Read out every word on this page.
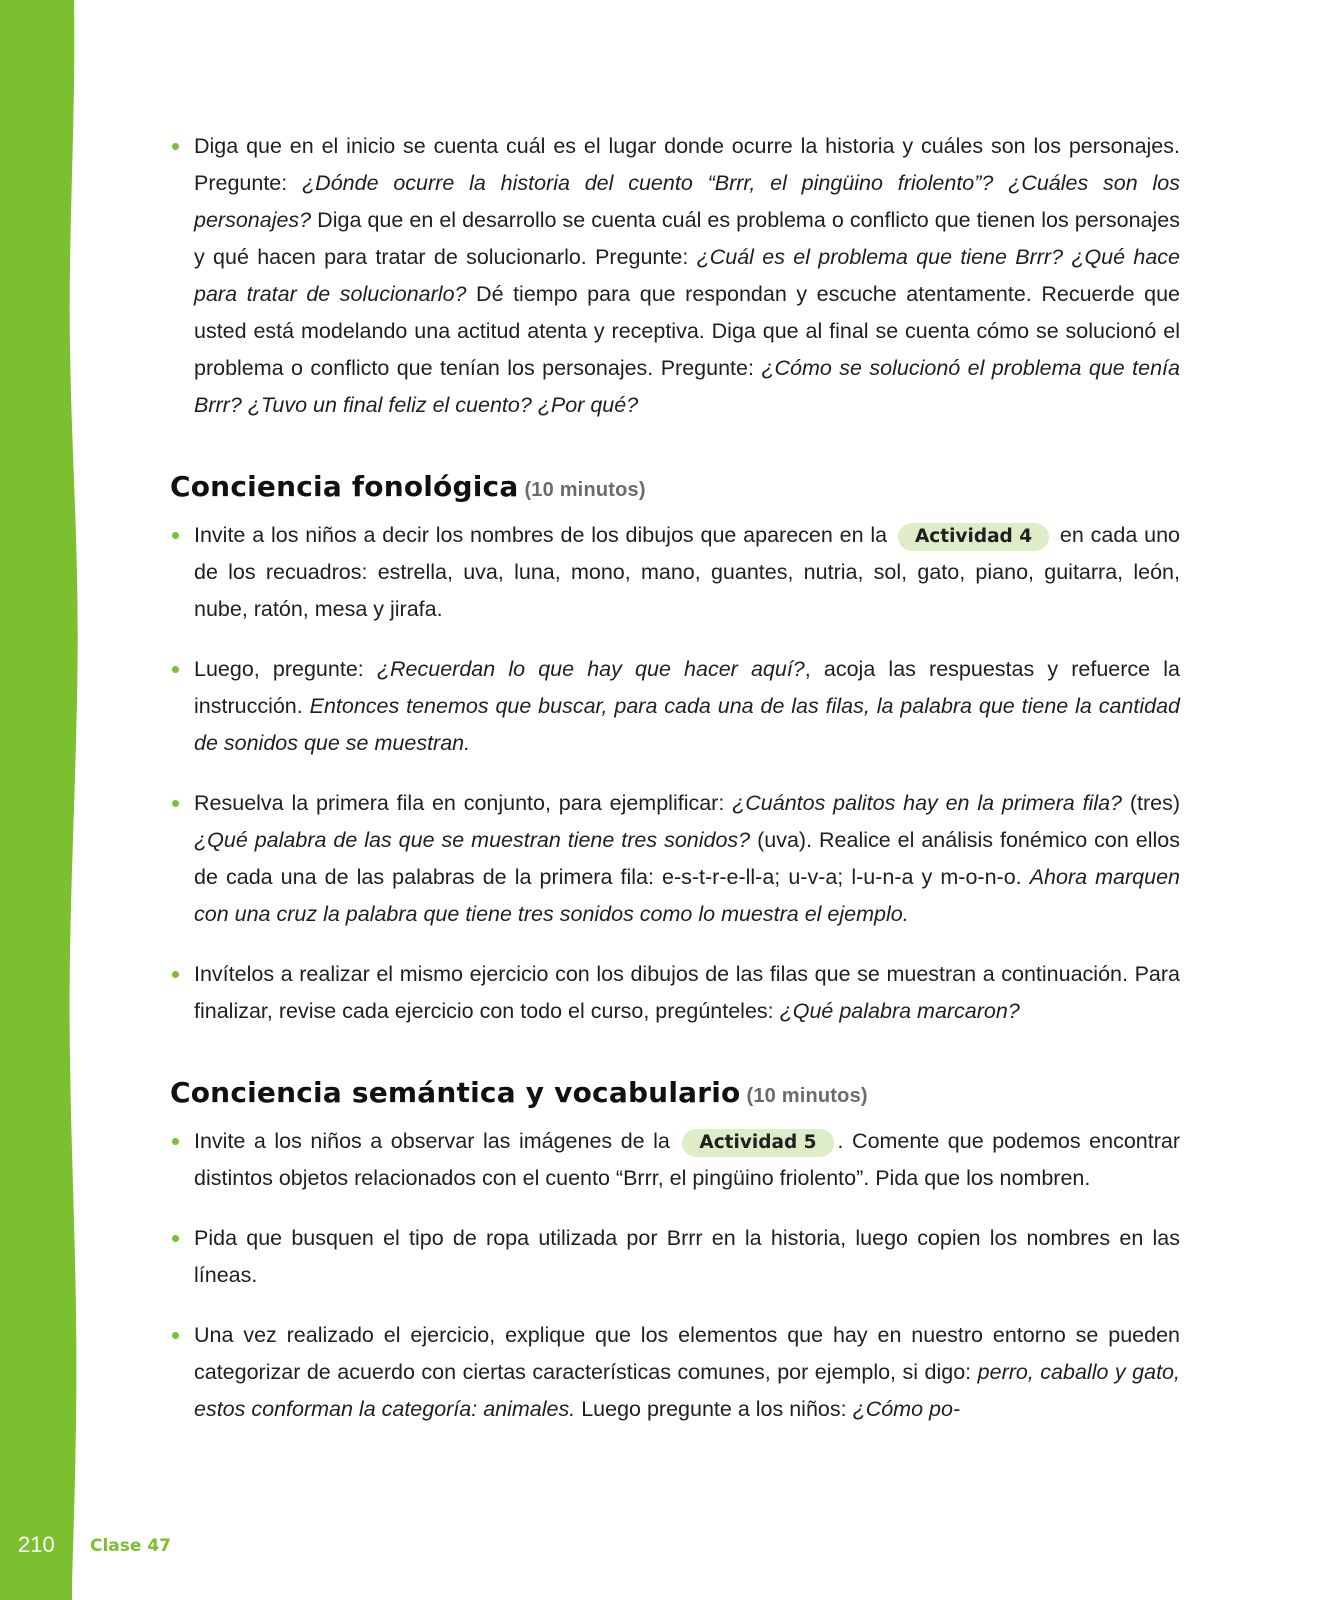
Diga que en el inicio se cuenta cuál es el lugar donde ocurre la historia y cuáles son los personajes. Pregunte: ¿Dónde ocurre la historia del cuento “Brrr, el pingüino friolento”? ¿Cuáles son los personajes? Diga que en el desarrollo se cuenta cuál es problema o conflicto que tienen los personajes y qué hacen para tratar de solucionarlo. Pregunte: ¿Cuál es el problema que tiene Brrr? ¿Qué hace para tratar de solucionarlo? Dé tiempo para que respondan y escuche atentamente. Recuerde que usted está modelando una actitud atenta y receptiva. Diga que al final se cuenta cómo se solucionó el problema o conflicto que tenían los personajes. Pregunte: ¿Cómo se solucionó el problema que tenía Brrr? ¿Tuvo un final feliz el cuento? ¿Por qué?
Conciencia fonológica (10 minutos)
Invite a los niños a decir los nombres de los dibujos que aparecen en la Actividad 4 en cada uno de los recuadros: estrella, uva, luna, mono, mano, guantes, nutria, sol, gato, piano, guitarra, león, nube, ratón, mesa y jirafa.
Luego, pregunte: ¿Recuerdan lo que hay que hacer aquí?, acoja las respuestas y refuerce la instrucción. Entonces tenemos que buscar, para cada una de las filas, la palabra que tiene la cantidad de sonidos que se muestran.
Resuelva la primera fila en conjunto, para ejemplificar: ¿Cuántos palitos hay en la primera fila? (tres) ¿Qué palabra de las que se muestran tiene tres sonidos? (uva). Realice el análisis fonémico con ellos de cada una de las palabras de la primera fila: e-s-t-r-e-ll-a; u-v-a; l-u-n-a y m-o-n-o. Ahora marquen con una cruz la palabra que tiene tres sonidos como lo muestra el ejemplo.
Invítelos a realizar el mismo ejercicio con los dibujos de las filas que se muestran a continuación. Para finalizar, revise cada ejercicio con todo el curso, pregúnteles: ¿Qué palabra marcaron?
Conciencia semántica y vocabulario (10 minutos)
Invite a los niños a observar las imágenes de la Actividad 5 . Comente que podemos encontrar distintos objetos relacionados con el cuento “Brrr, el pingüino friolento”. Pida que los nombren.
Pida que busquen el tipo de ropa utilizada por Brrr en la historia, luego copien los nombres en las líneas.
Una vez realizado el ejercicio, explique que los elementos que hay en nuestro entorno se pueden categorizar de acuerdo con ciertas características comunes, por ejemplo, si digo: perro, caballo y gato, estos conforman la categoría: animales. Luego pregunte a los niños: ¿Cómo po-
210 Clase 47
